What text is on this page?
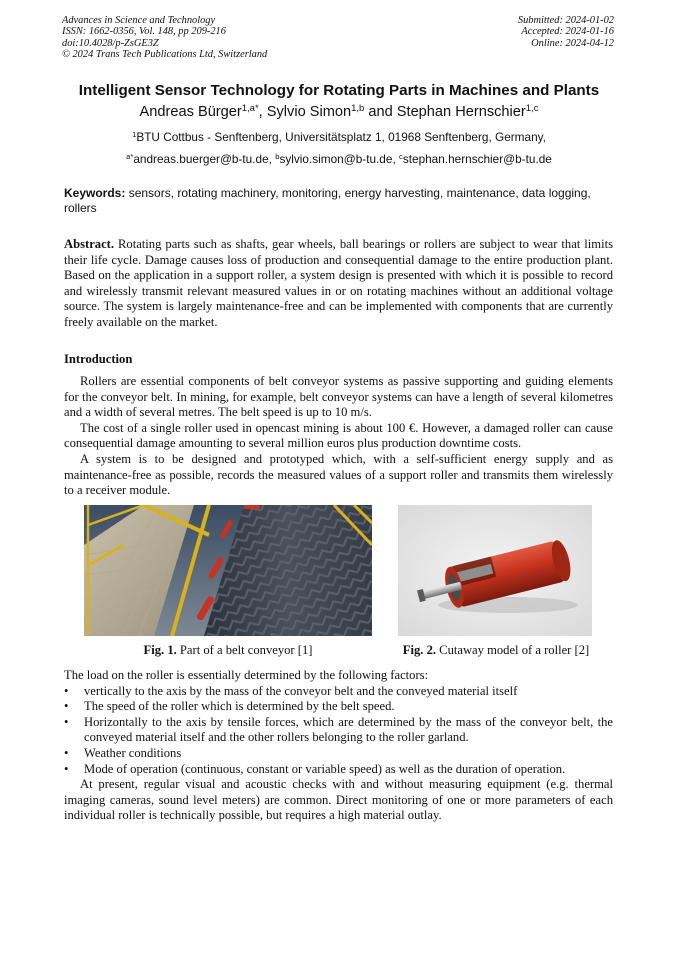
Advances in Science and Technology
ISSN: 1662-0356, Vol. 148, pp 209-216
doi:10.4028/p-ZsGE3Z
© 2024 Trans Tech Publications Ltd, Switzerland
Submitted: 2024-01-02
Accepted: 2024-01-16
Online: 2024-04-12
Intelligent Sensor Technology for Rotating Parts in Machines and Plants
Andreas Bürger$^{1,a*}$, Sylvio Simon$^{1,b}$ and Stephan Hernschier$^{1,c}$
$^1$BTU Cottbus - Senftenberg, Universitätsplatz 1, 01968 Senftenberg, Germany,
$^{a*}$andreas.buerger@b-tu.de, $^b$sylvio.simon@b-tu.de, $^c$stephan.hernschier@b-tu.de
Keywords: sensors, rotating machinery, monitoring, energy harvesting, maintenance, data logging, rollers
Abstract. Rotating parts such as shafts, gear wheels, ball bearings or rollers are subject to wear that limits their life cycle. Damage causes loss of production and consequential damage to the entire production plant. Based on the application in a support roller, a system design is presented with which it is possible to record and wirelessly transmit relevant measured values in or on rotating machines without an additional voltage source. The system is largely maintenance-free and can be implemented with components that are currently freely available on the market.
Introduction

Rollers are essential components of belt conveyor systems as passive supporting and guiding elements for the conveyor belt. In mining, for example, belt conveyor systems can have a length of several kilometres and a width of several metres. The belt speed is up to 10 m/s.

The cost of a single roller used in opencast mining is about 100 €. However, a damaged roller can cause consequential damage amounting to several million euros plus production downtime costs.

A system is to be designed and prototyped which, with a self-sufficient energy supply and as maintenance-free as possible, records the measured values of a support roller and transmits them wirelessly to a receiver module.

Fig. 1. Part of a belt conveyor [1]	Fig. 2. Cutaway model of a roller [2]

The load on the roller is essentially determined by the following factors:

• vertically to the axis by the mass of the conveyor belt and the conveyed material itself
• The speed of the roller which is determined by the belt speed.
• Horizontally to the axis by tensile forces, which are determined by the mass of the conveyor belt, the conveyed material itself and the other rollers belonging to the roller garland.
• Weather conditions
• Mode of operation (continuous, constant or variable speed) as well as the duration of operation.

At present, regular visual and acoustic checks with and without measuring equipment (e.g. thermal imaging cameras, sound level meters) are common. Direct monitoring of one or more parameters of each individual roller is technically possible, but requires a high material outlay.
